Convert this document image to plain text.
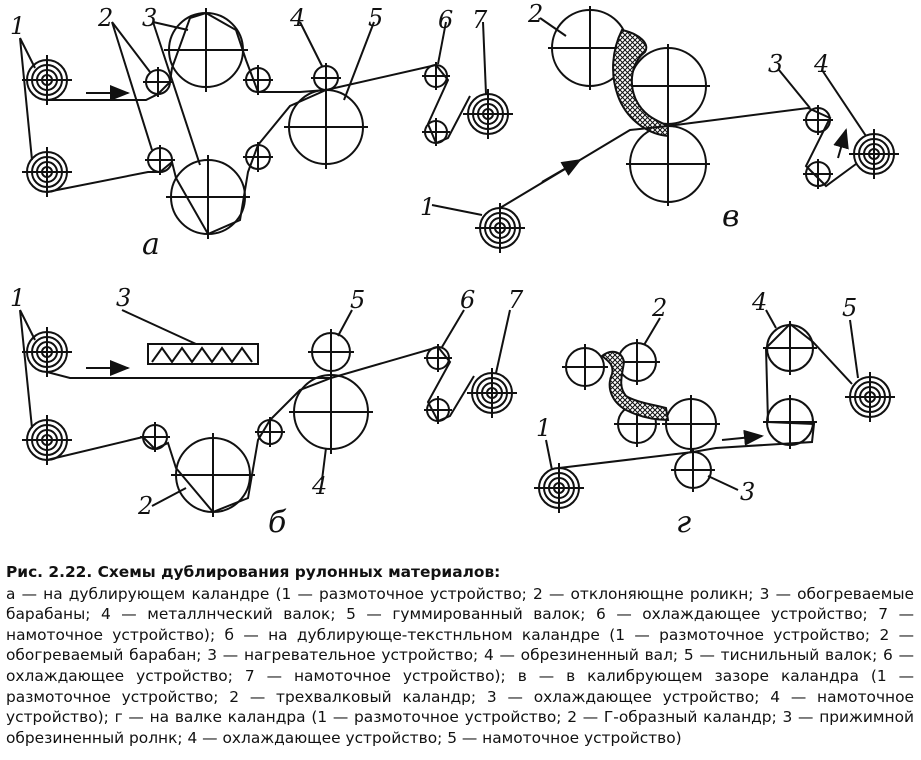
1	2 3	4	5 6 7
а
2
1
3 4
в
1	3	5	6 7
2
4
б
1
2
3
4	5
г
Рис. 2.22. Схемы дублирования рулонных материалов:
а — на дублирующем каландре (1 — размоточное устройство; 2 — отклоняющне роликн; 3 — обогреваемые барабаны; 4 — металлнческий валок; 5 — гуммированный валок; 6 — охлаждающее устройство; 7 — намоточное устройство); б — на дублирующе-текстнльном каландре (1 — размоточное устройство; 2 — обогреваемый барабан; 3 — нагревательное устройство; 4 — обрезиненный вал; 5 — тиснильный валок; 6 — охлаждающее устройство; 7 — намоточное устройство); в — в калибрующем зазоре каландра (1 — размоточное устройство; 2 — трехвалковый каландр; 3 — охлаждающее устройство; 4 — намоточное устройство); г — на валке каландра (1 — размоточное устройство; 2 — Г-образный каландр; 3 — прижимной обрезиненный ролнк; 4 — охлаждающее устройство; 5 — намоточное устройство)
